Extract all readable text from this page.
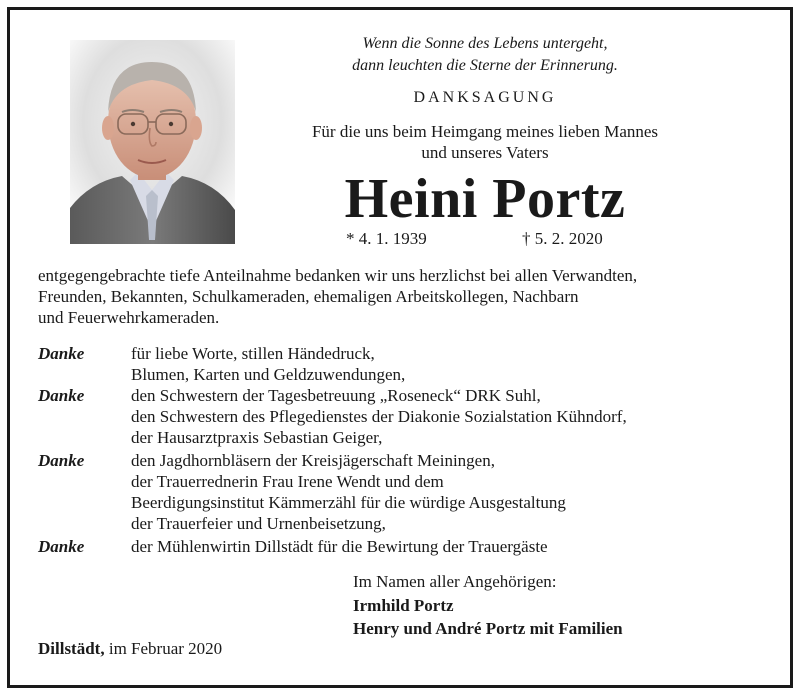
Wenn die Sonne des Lebens untergeht,
dann leuchten die Sterne der Erinnerung.
DANKSAGUNG
Für die uns beim Heimgang meines lieben Mannes
und unseres Vaters
Heini Portz
* 4. 1. 1939	† 5. 2. 2020
entgegengebrachte tiefe Anteilnahme bedanken wir uns herzlichst bei allen Verwandten,
Freunden, Bekannten, Schulkameraden, ehemaligen Arbeitskollegen, Nachbarn
und Feuerwehrkameraden.
Danke	für liebe Worte, stillen Händedruck,
Blumen, Karten und Geldzuwendungen,
Danke	den Schwestern der Tagesbetreuung „Roseneck“ DRK Suhl,
den Schwestern des Pflegedienstes der Diakonie Sozialstation Kühndorf,
der Hausarztpraxis Sebastian Geiger,
Danke	den Jagdhornbläsern der Kreisjägerschaft Meiningen,
der Trauerrednerin Frau Irene Wendt und dem
Beerdigungsinstitut Kämmerzähl für die würdige Ausgestaltung
der Trauerfeier und Urnenbeisetzung,
Danke	der Mühlenwirtin Dillstädt für die Bewirtung der Trauergäste
Im Namen aller Angehörigen:
Irmhild Portz
Henry und André Portz mit Familien
Dillstädt, im Februar 2020
